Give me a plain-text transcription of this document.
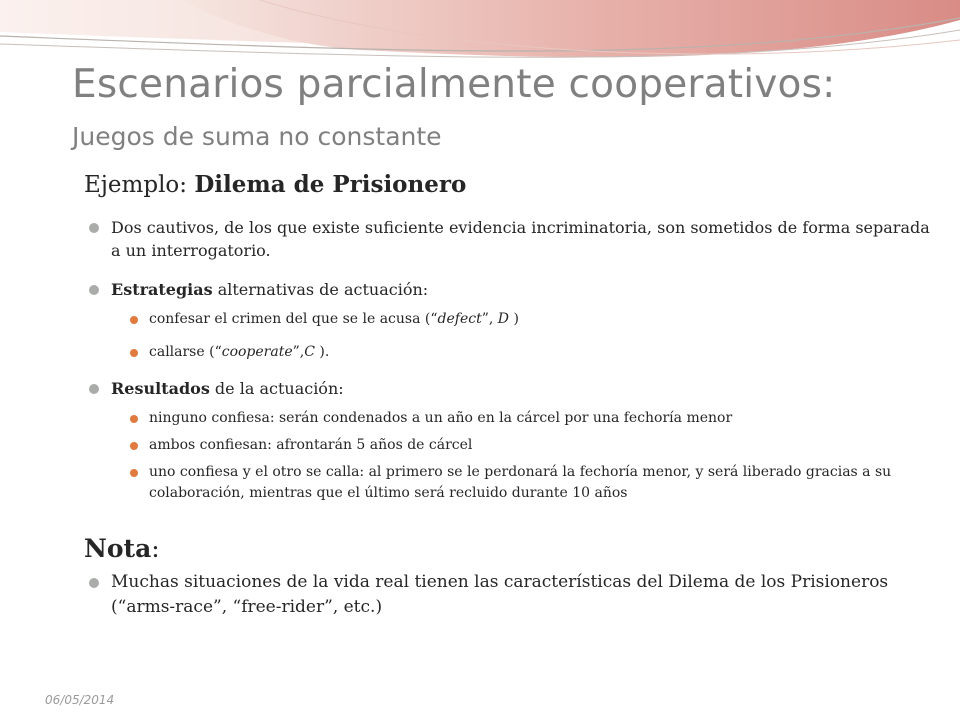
Escenarios parcialmente cooperativos:
Juegos de suma no constante

Ejemplo: Dilema de Prisionero

Dos cautivos, de los que existe suficiente evidencia incriminatoria, son sometidos de forma separada a un interrogatorio.
Estrategias alternativas de actuación:
confesar el crimen del que se le acusa (“defect”, D )
callarse (“cooperate”,C ).
Resultados de la actuación:
ninguno confiesa: serán condenados a un año en la cárcel por una fechoría menor
ambos confiesan: afrontarán 5 años de cárcel
uno confiesa y el otro se calla: al primero se le perdonará la fechoría menor, y será liberado gracias a su colaboración, mientras que el último será recluido durante 10 años

Nota:

Muchas situaciones de la vida real tienen las características del Dilema de los Prisioneros (“arms-race”, “free-rider”, etc.)
06/05/2014
